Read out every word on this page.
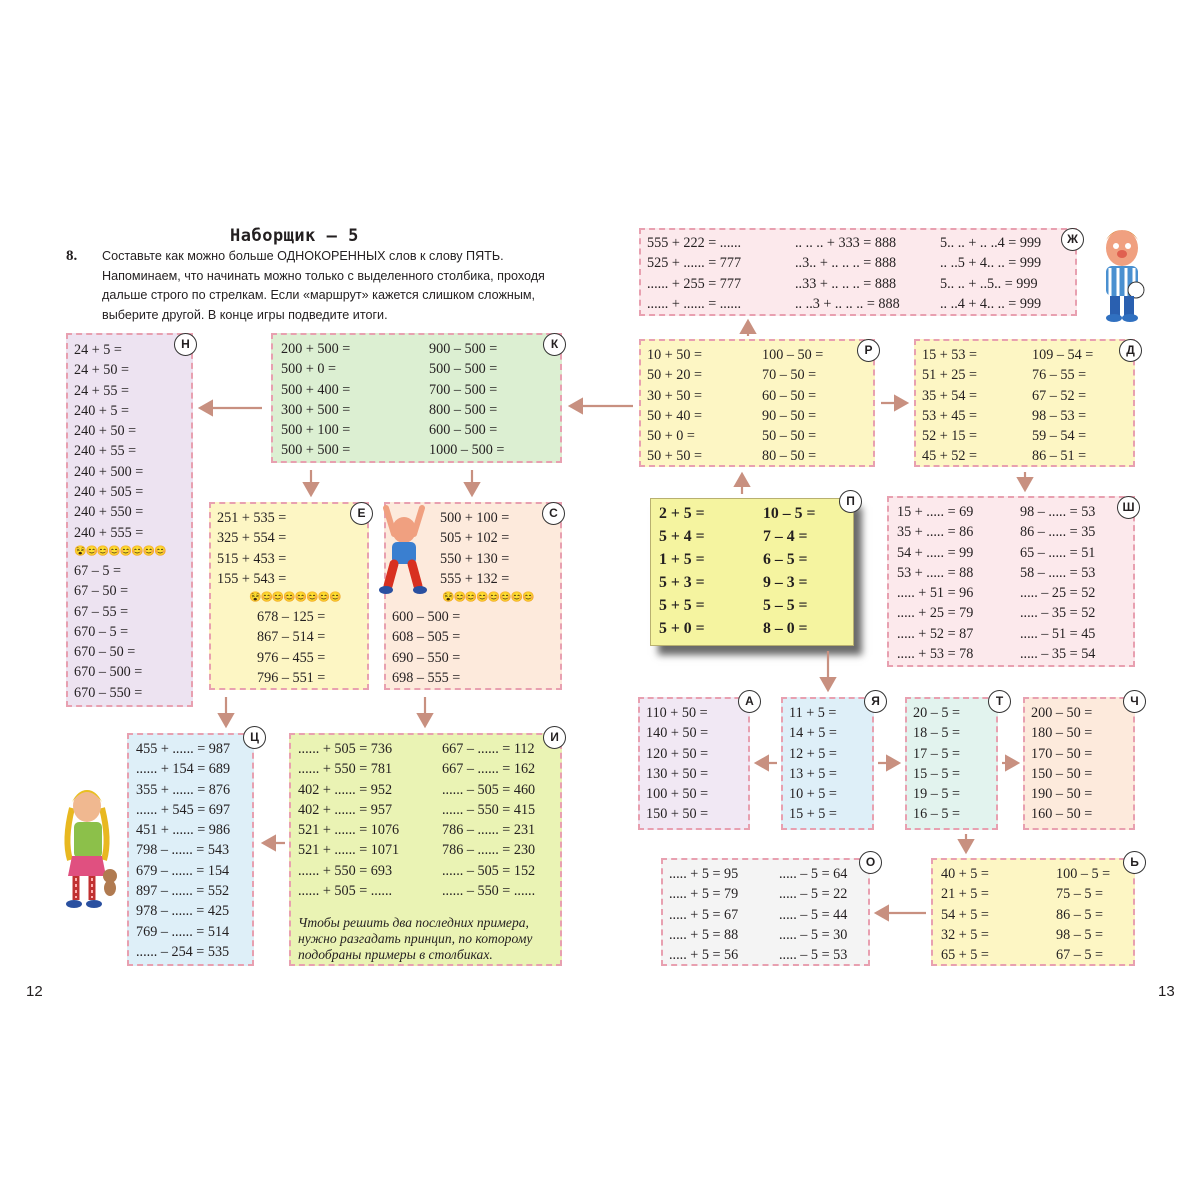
Наборщик — 5
8. Составьте как можно больше ОДНОКОРЕННЫХ слов к слову ПЯТЬ.
Напоминаем, что начинать можно только с выделенного столбика, проходя
дальше строго по стрелкам. Если «маршрут» кажется слишком сложным,
выберите другой. В конце игры подведите итоги.
12	13
Н
24 + 5 =
24 + 50 =
24 + 55 =
240 + 5 =
240 + 50 =
240 + 55 =
240 + 500 =
240 + 505 =
240 + 550 =
240 + 555 =
😵😊😊😊😊😊😊😊
67 – 5 =
67 – 50 =
67 – 55 =
670 – 5 =
670 – 50 =
670 – 500 =
670 – 550 =
К
200 + 500 =
500 + 0 =
500 + 400 =
300 + 500 =
500 + 100 =
500 + 500 =
900 – 500 =
500 – 500 =
700 – 500 =
800 – 500 =
600 – 500 =
1000 – 500 =
Е
251 + 535 =
325 + 554 =
515 + 453 =
155 + 543 =
😵😊😊😊😊😊😊😊
678 – 125 =
867 – 514 =
976 – 455 =
796 – 551 =
С
500 + 100 =
505 + 102 =
550 + 130 =
555 + 132 =
😵😊😊😊😊😊😊😊
600 – 500 =
608 – 505 =
690 – 550 =
698 – 555 =
Ц
455 + ...... = 987
...... + 154 = 689
355 + ...... = 876
...... + 545 = 697
451 + ...... = 986
798 – ...... = 543
679 – ...... = 154
897 – ...... = 552
978 – ...... = 425
769 – ...... = 514
...... – 254 = 535
И
...... + 505 = 736
...... + 550 = 781
402 + ...... = 952
402 + ...... = 957
521 + ...... = 1076
521 + ...... = 1071
...... + 550 = 693
...... + 505 = ......
667 – ...... = 112
667 – ...... = 162
...... – 505 = 460
...... – 550 = 415
786 – ...... = 231
786 – ...... = 230
...... – 505 = 152
...... – 550 = ......
Чтобы решить два последних примера,
нужно разгадать принцип, по которому
подобраны примеры в столбиках.
Ж
555 + 222 = ......
525 + ...... = 777
...... + 255 = 777
...... + ...... = ......
.. .. .. + 333 = 888
..3.. + .. .. .. = 888
..33 + .. .. .. = 888
.. ..3 + .. .. .. = 888
5.. .. + .. ..4 = 999
.. ..5 + 4.. .. = 999
5.. .. + ..5.. = 999
.. ..4 + 4.. .. = 999
Р
10 + 50 =
50 + 20 =
30 + 50 =
50 + 40 =
50 + 0 =
50 + 50 =
100 – 50 =
70 – 50 =
60 – 50 =
90 – 50 =
50 – 50 =
80 – 50 =
Д
15 + 53 =
51 + 25 =
35 + 54 =
53 + 45 =
52 + 15 =
45 + 52 =
109 – 54 =
76 – 55 =
67 – 52 =
98 – 53 =
59 – 54 =
86 – 51 =
П
2 + 5 =
5 + 4 =
1 + 5 =
5 + 3 =
5 + 5 =
5 + 0 =
10 – 5 =
7 – 4 =
6 – 5 =
9 – 3 =
5 – 5 =
8 – 0 =
Ш
15 + ..... = 69
35 + ..... = 86
54 + ..... = 99
53 + ..... = 88
..... + 51 = 96
..... + 25 = 79
..... + 52 = 87
..... + 53 = 78
98 – ..... = 53
86 – ..... = 35
65 – ..... = 51
58 – ..... = 53
..... – 25 = 52
..... – 35 = 52
..... – 51 = 45
..... – 35 = 54
А
110 + 50 =
140 + 50 =
120 + 50 =
130 + 50 =
100 + 50 =
150 + 50 =
Я
11 + 5 =
14 + 5 =
12 + 5 =
13 + 5 =
10 + 5 =
15 + 5 =
Т
20 – 5 =
18 – 5 =
17 – 5 =
15 – 5 =
19 – 5 =
16 – 5 =
Ч
200 – 50 =
180 – 50 =
170 – 50 =
150 – 50 =
190 – 50 =
160 – 50 =
О
..... + 5 = 95
..... + 5 = 79
..... + 5 = 67
..... + 5 = 88
..... + 5 = 56
..... – 5 = 64
..... – 5 = 22
..... – 5 = 44
..... – 5 = 30
..... – 5 = 53
Ь
40 + 5 =
21 + 5 =
54 + 5 =
32 + 5 =
65 + 5 =
100 – 5 =
75 – 5 =
86 – 5 =
98 – 5 =
67 – 5 =
